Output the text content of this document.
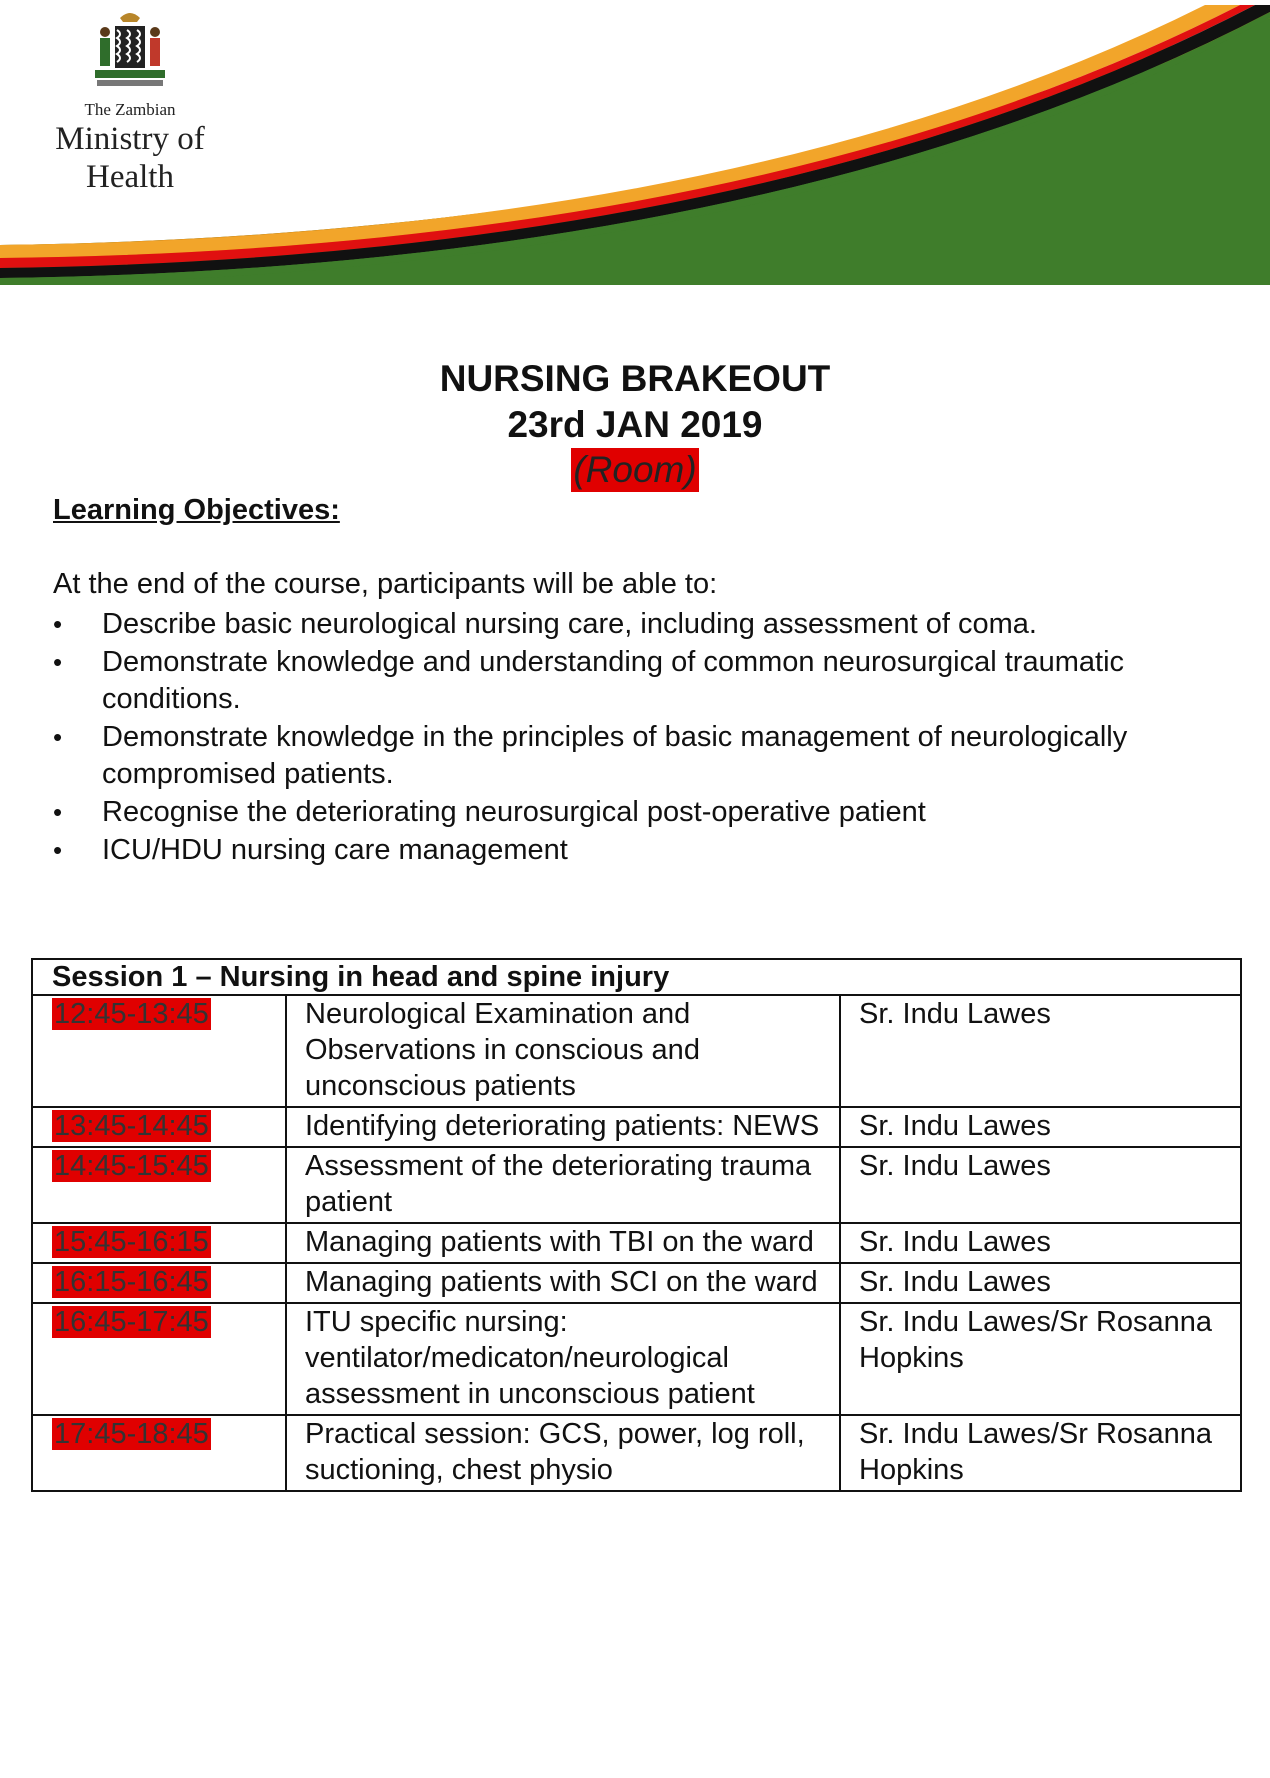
The Zambian
Ministry of
Health
NURSING BRAKEOUT
23rd JAN 2019
(Room)
Learning Objectives:
At the end of the course, participants will be able to:
• Describe basic neurological nursing care, including assessment of coma.
• Demonstrate knowledge and understanding of common neurosurgical traumatic conditions.
• Demonstrate knowledge in the principles of basic management of neurologically compromised patients.
• Recognise the deteriorating neurosurgical post-operative patient
• ICU/HDU nursing care management
Session 1 – Nursing in head and spine injury		
12:45-13:45	Neurological Examination and Observations in conscious and unconscious patients	Sr. Indu Lawes
13:45-14:45	Identifying deteriorating patients: NEWS	Sr. Indu Lawes
14:45-15:45	Assessment of the deteriorating trauma patient	Sr. Indu Lawes
15:45-16:15	Managing patients with TBI on the ward	Sr. Indu Lawes
16:15-16:45	Managing patients with SCI on the ward	Sr. Indu Lawes
16:45-17:45	ITU specific nursing: ventilator/medicaton/neurological assessment in unconscious patient	Sr. Indu Lawes/Sr Rosanna Hopkins
17:45-18:45	Practical session: GCS, power, log roll, suctioning, chest physio	Sr. Indu Lawes/Sr Rosanna Hopkins
